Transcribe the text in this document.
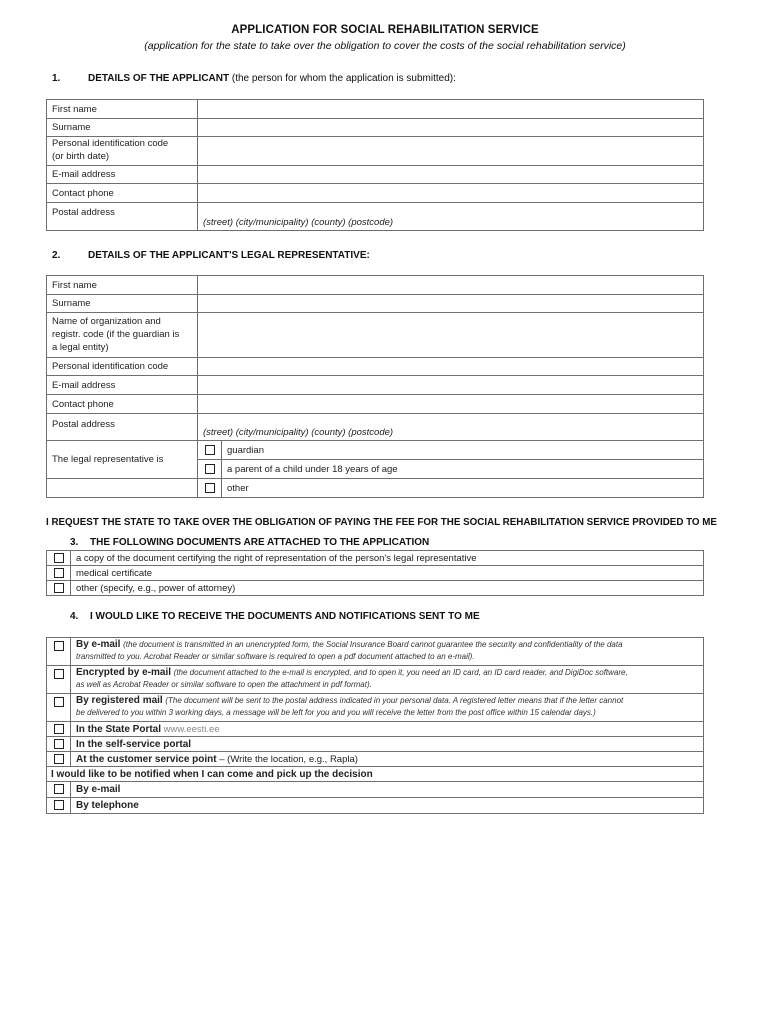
APPLICATION FOR SOCIAL REHABILITATION SERVICE
(application for the state to take over the obligation to cover the costs of the social rehabilitation service)
1.	DETAILS OF THE APPLICANT (the person for whom the application is submitted):
First name	
Surname	

Personal identification code
(or birth date)	

E-mail address	
Contact phone	
Postal address	(street) (city/municipality) (county) (postcode)
2.	DETAILS OF THE APPLICANT'S LEGAL REPRESENTATIVE:
First name		
Surname		

Name of organization and
registr. code (if the guardian is
a legal entity)		

Personal identification code		
E-mail address		
Contact phone		
Postal address	(street) (city/municipality) (county) (postcode)	
The legal representative is		guardian
		a parent of a child under 18 years of age
		other
I REQUEST THE STATE TO TAKE OVER THE OBLIGATION OF PAYING THE FEE FOR THE SOCIAL REHABILITATION SERVICE PROVIDED TO ME
3. THE FOLLOWING DOCUMENTS ARE ATTACHED TO THE APPLICATION
	a copy of the document certifying the right of representation of the person's legal representative
	medical certificate
	other (specify, e.g., power of attorney)
4. I WOULD LIKE TO RECEIVE THE DOCUMENTS AND NOTIFICATIONS SENT TO ME

	By e-mail (the document is transmitted in an unencrypted form, the Social Insurance Board cannot guarantee the security and confidentiality of the data
transmitted to you. Acrobat Reader or similar software is required to open a pdf document attached to an e-mail).

	Encrypted by e-mail (the document attached to the e-mail is encrypted, and to open it, you need an ID card, an ID card reader, and DigiDoc software,
as well as Acrobat Reader or similar software to open the attachment in pdf format).

	By registered mail (The document will be sent to the postal address indicated in your personal data. A registered letter means that if the letter cannot
be delivered to you within 3 working days, a message will be left for you and you will receive the letter from the post office within 15 calendar days.)

	In the State Portal www.eesti.ee
	In the self-service portal
	At the customer service point – (Write the location, e.g., Rapla)
I would like to be notified when I can come and pick up the decision	
	By e-mail
	By telephone
